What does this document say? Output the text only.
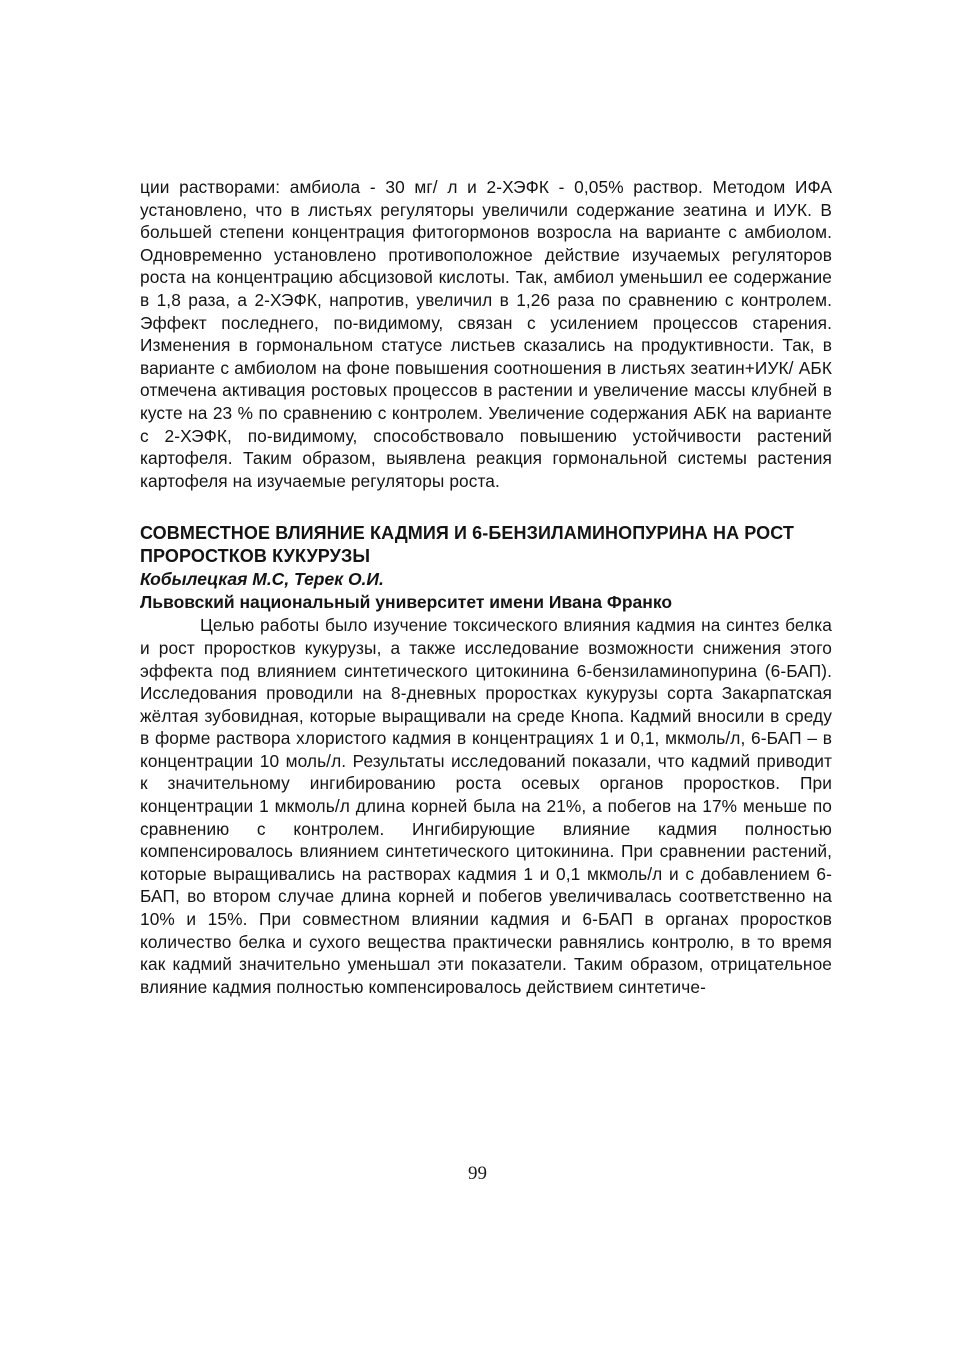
ции растворами: амбиола - 30 мг/ л и 2-ХЭФК - 0,05% раствор. Методом ИФА установлено, что в листьях регуляторы увеличили содержание зеатина и ИУК. В большей степени концентрация фитогормонов возросла на варианте с амбиолом. Одновременно установлено противоположное действие изучаемых регуляторов роста на концентрацию абсцизовой кислоты. Так, амбиол уменьшил ее содержание в 1,8 раза, а 2-ХЭФК, напротив, увеличил в 1,26 раза по сравнению с контролем. Эффект последнего, по-видимому, связан с усилением процессов старения. Изменения в гормональном статусе листьев сказались на продуктивности. Так, в варианте с амбиолом на фоне повышения соотношения в листьях зеатин+ИУК/ АБК отмечена активация ростовых процессов в растении и увеличение массы клубней в кусте на 23 % по сравнению с контролем. Увеличение содержания АБК на варианте с 2-ХЭФК, по-видимому, способствовало повышению устойчивости растений картофеля. Таким образом, выявлена реакция гормональной системы растения картофеля на изучаемые регуляторы роста.

СОВМЕСТНОЕ ВЛИЯНИЕ КАДМИЯ И 6-БЕНЗИЛАМИНОПУРИНА НА РОСТ ПРОРОСТКОВ КУКУРУЗЫ

Кобылецкая М.С, Терек О.И.

Львовский национальный университет имени Ивана Франко

Целью работы было изучение токсического влияния кадмия на синтез белка и рост проростков кукурузы, а также исследование возможности снижения этого эффекта под влиянием синтетического цитокинина 6-бензиламинопурина (6-БАП). Исследования проводили на 8-дневных проростках кукурузы сорта Закарпатская жёлтая зубовидная, которые выращивали на среде Кнопа. Кадмий вносили в среду в форме раствора хлористого кадмия в концентрациях 1 и 0,1, мкмоль/л, 6-БАП – в концентрации 10 моль/л. Результаты исследований показали, что кадмий приводит к значительному ингибированию роста осевых органов проростков. При концентрации 1 мкмоль/л длина корней была на 21%, а побегов на 17% меньше по сравнению с контролем. Ингибирующие влияние кадмия полностью компенсировалось влиянием синтетического цитокинина. При сравнении растений, которые выращивались на растворах кадмия 1 и 0,1 мкмоль/л и с добавлением 6-БАП, во втором случае длина корней и побегов увеличивалась соответственно на 10% и 15%. При совместном влиянии кадмия и 6-БАП в органах проростков количество белка и сухого вещества практически равнялись контролю, в то время как кадмий значительно уменьшал эти показатели. Таким образом, отрицательное влияние кадмия полностью компенсировалось действием синтетиче-

99
